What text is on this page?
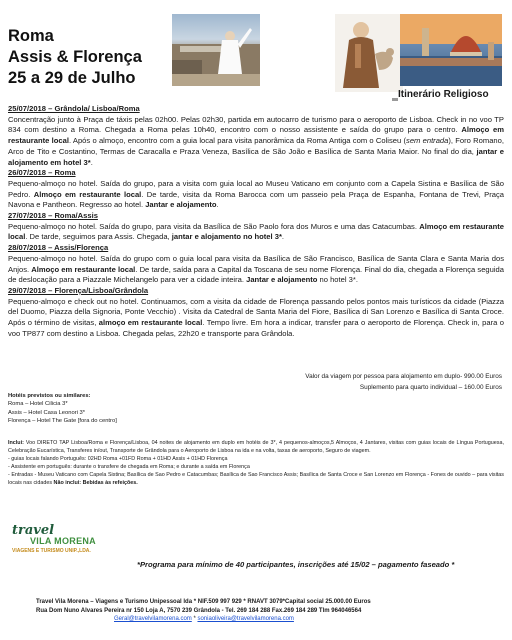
Roma
Assis & Florença
25 a 29 de Julho
Itinerário Religioso

25/07/2018 – Grândola/ Lisboa/Roma

Concentração junto à Praça de táxis pelas 02h00. Pelas 02h30, partida em autocarro de turismo para o aeroporto de Lisboa. Check in no voo TP 834 com destino a Roma. Chegada a Roma pelas 10h40, encontro com o nosso assistente e saída do grupo para o centro. Almoço em restaurante local. Após o almoço, encontro com a guia local para visita panorâmica da Roma Antiga com o Coliseu (sem entrada), Foro Romano, Arco de Tito e Costantino, Termas de Caracalla e Praza Veneza, Basílica de São João e Basílica de Santa Maria Maior. No final do dia, jantar e alojamento em hotel 3*.

26/07/2018 – Roma

Pequeno-almoço no hotel. Saída do grupo, para a visita com guia local ao Museu Vaticano em conjunto com a Capela Sistina e Basílica de São Pedro. Almoço em restaurante local. De tarde, visita da Roma Barocca com um passeio pela Praça de Espanha, Fontana de Trevi, Praça Navona e Pantheon. Regresso ao hotel. Jantar e alojamento.

27/07/2018 – Roma/Assis

Pequeno-almoço no hotel. Saída do grupo, para visita da Basílica de São Paolo fora dos Muros e uma das Catacumbas. Almoço em restaurante local. De tarde, seguimos para Assis. Chegada, jantar e alojamento no hotel 3*.

28/07/2018 – Assis/Florença

Pequeno-almoço no hotel. Saída do grupo com o guia local para visita da Basílica de São Francisco, Basílica de Santa Clara e Santa Maria dos Anjos. Almoço em restaurante local. De tarde, saída para a Capital da Toscana de seu nome Florença. Final do dia, chegada a Florença seguida de deslocação para a Piazzale Michelangelo para ver a cidade inteira. Jantar e alojamento no hotel 3*.

29/07/2018 – Florença/Lisboa/Grândola

Pequeno-almoço e check out no hotel. Continuamos, com a visita da cidade de Florença passando pelos pontos mais turísticos da cidade (Piazza del Duomo, Piazza della Signoria, Ponte Vecchio) . Visita da Catedral de Santa Maria del Fiore, Basílica di San Lorenzo e Basílica di Santa Croce. Após o término de visitas, almoço em restaurante local. Tempo livre. Em hora a indicar, transfer para o aeroporto de Florença. Check in, para o voo TP877 com destino a Lisboa. Chegada pelas, 22h20 e transporte para Grândola.

Valor da viagem por pessoa para alojamento em duplo- 990.00 Euros
Suplemento para quarto individual – 160.00 Euros
Hotéis previstos ou similares:
Roma – Hotel Cilicia 3*
Assis – Hotel Casa Leonori 3*
Florença – Hotel The Gate [fora do centro]
Inclui: Voo DIRETO TAP Lisboa/Roma e Florença/Lisboa, 04 noites de alojamento em duplo em hotéis de 3*, 4 pequenos-almoços,5 Almoços, 4 Jantares, visitas com guias locais de Língua Portuguesa, Celebração Eucarística, Transferes in/out, Transporte de Grândola para o Aeroporto de Lisboa na ida e na volta, taxas de aeroporto, Seguro de viagem.
- guias locais falando Português: 02HD Roma +01FD Roma + 01HD Assis + 01HD Florença
- Assistente em português: durante o transfere de chegada em Roma; e durante a saída em Florença
- Entradas - Museu Vaticano com Capela Sistina; Basílica de Sao Pedro e Catacumbas; Basílica de Sao Francisco Assis; Basílica de Santa Croce e San Lorenzo em Florença - Fones de ouvido – para visitas locais nas cidades Não inclui: Bebidas às refeições.
travel
VILA MORENA
VIAGENS E TURISMO UNIP.,LDA.
*Programa para mínimo de 40 participantes, inscrições até 15/02 – pagamento faseado *
Travel Vila Morena – Viagens e Turismo Unipessoal lda * NIF.509 997 929 * RNAVT 3079*Capital social 25.000.00 Euros
Rua Dom Nuno Alvares Pereira nr 150 Loja A, 7570 239 Grândola - Tel. 269 184 288 Fax.269 184 289 Tlm 964046564
Geral@travelvilamorena.com * soniaoliveira@travelvilamorena.com
